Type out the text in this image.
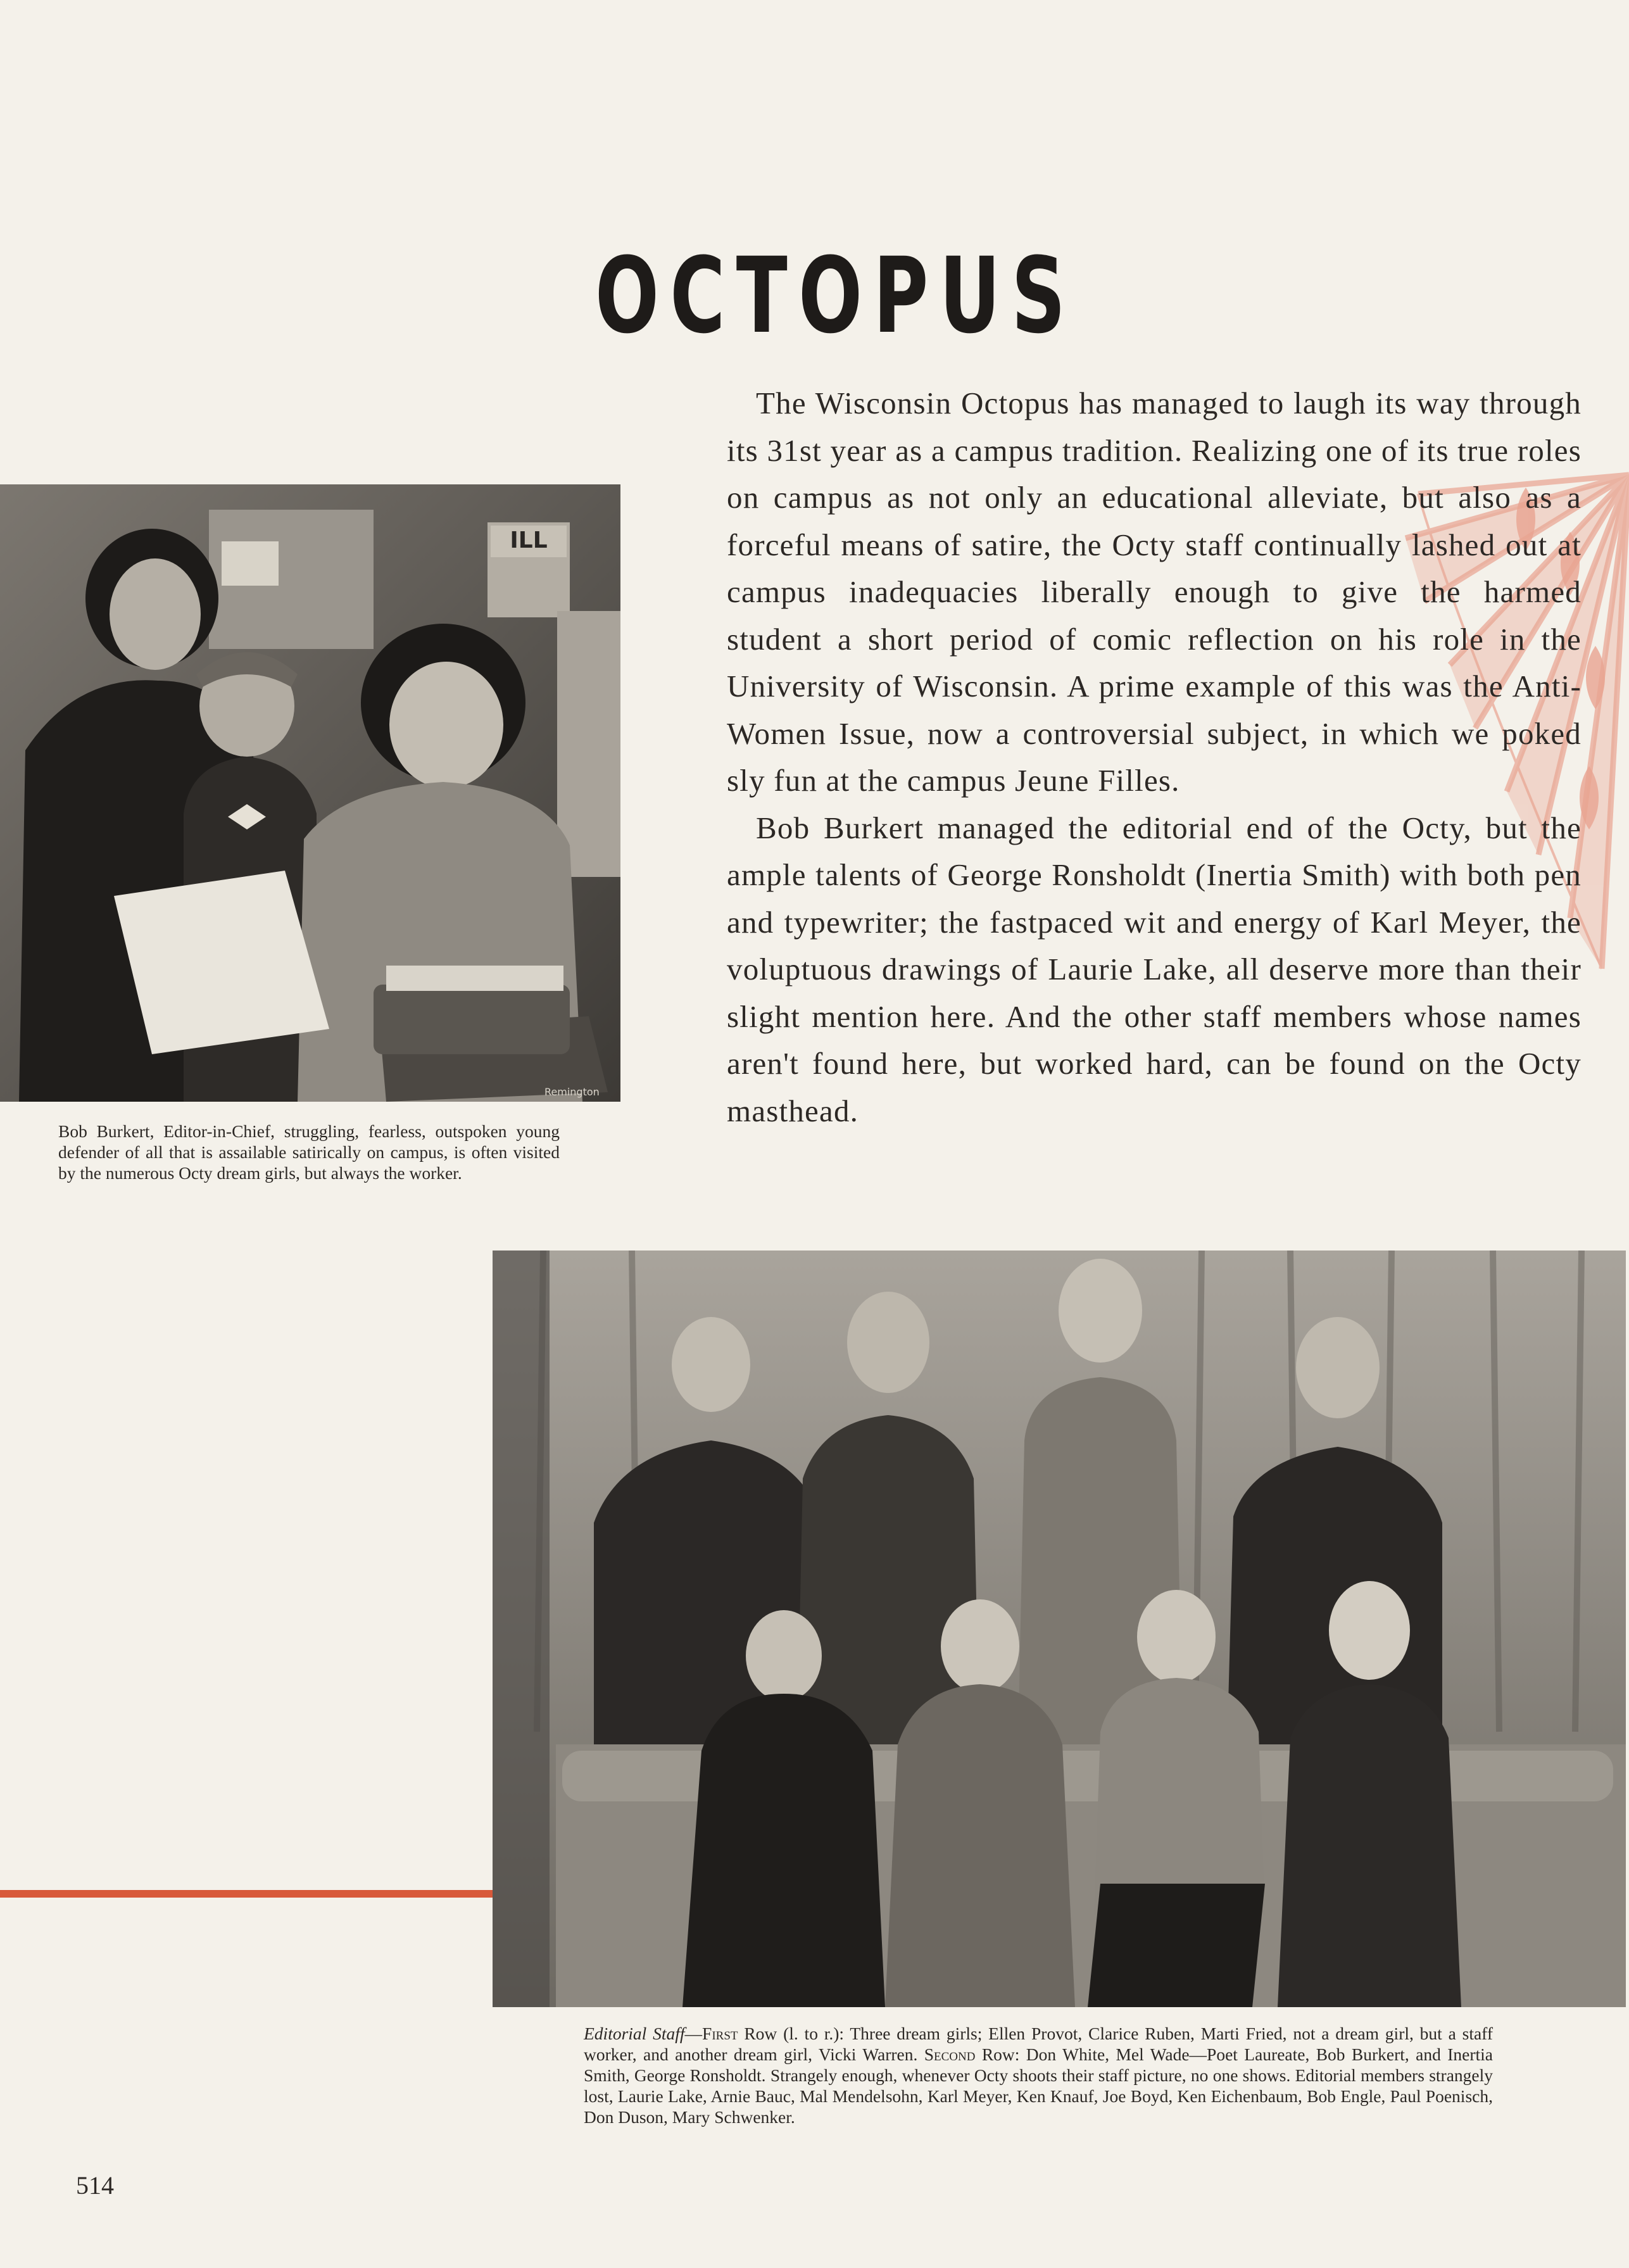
OCTOPUS

The Wisconsin Octopus has managed to laugh its way through its 31st year as a campus tradition. Realizing one of its true roles on campus as not only an educational alleviate, but also as a forceful means of satire, the Octy staff continually lashed out at campus inadequacies liberally enough to give the harmed student a short period of comic reflection on his role in the University of Wisconsin. A prime example of this was the Anti-Women Issue, now a controversial subject, in which we poked sly fun at the campus Jeune Filles.

Bob Burkert managed the editorial end of the Octy, but the ample talents of George Ronsholdt (Inertia Smith) with both pen and typewriter; the fastpaced wit and energy of Karl Meyer, the voluptuous drawings of Laurie Lake, all deserve more than their slight mention here. And the other staff members whose names aren't found here, but worked hard, can be found on the Octy masthead.

ILL
Remington
Bob Burkert, Editor-in-Chief, struggling, fearless, outspoken young defender of all that is assailable satirically on campus, is often visited by the numerous Octy dream girls, but always the worker.
Editorial Staff—First Row (l. to r.): Three dream girls; Ellen Provot, Clarice Ruben, Marti Fried, not a dream girl, but a staff worker, and another dream girl, Vicki Warren. Second Row: Don White, Mel Wade—Poet Laureate, Bob Burkert, and Inertia Smith, George Ronsholdt. Strangely enough, whenever Octy shoots their staff picture, no one shows. Editorial members strangely lost, Laurie Lake, Arnie Bauc, Mal Mendelsohn, Karl Meyer, Ken Knauf, Joe Boyd, Ken Eichenbaum, Bob Engle, Paul Poenisch, Don Duson, Mary Schwenker.
514
